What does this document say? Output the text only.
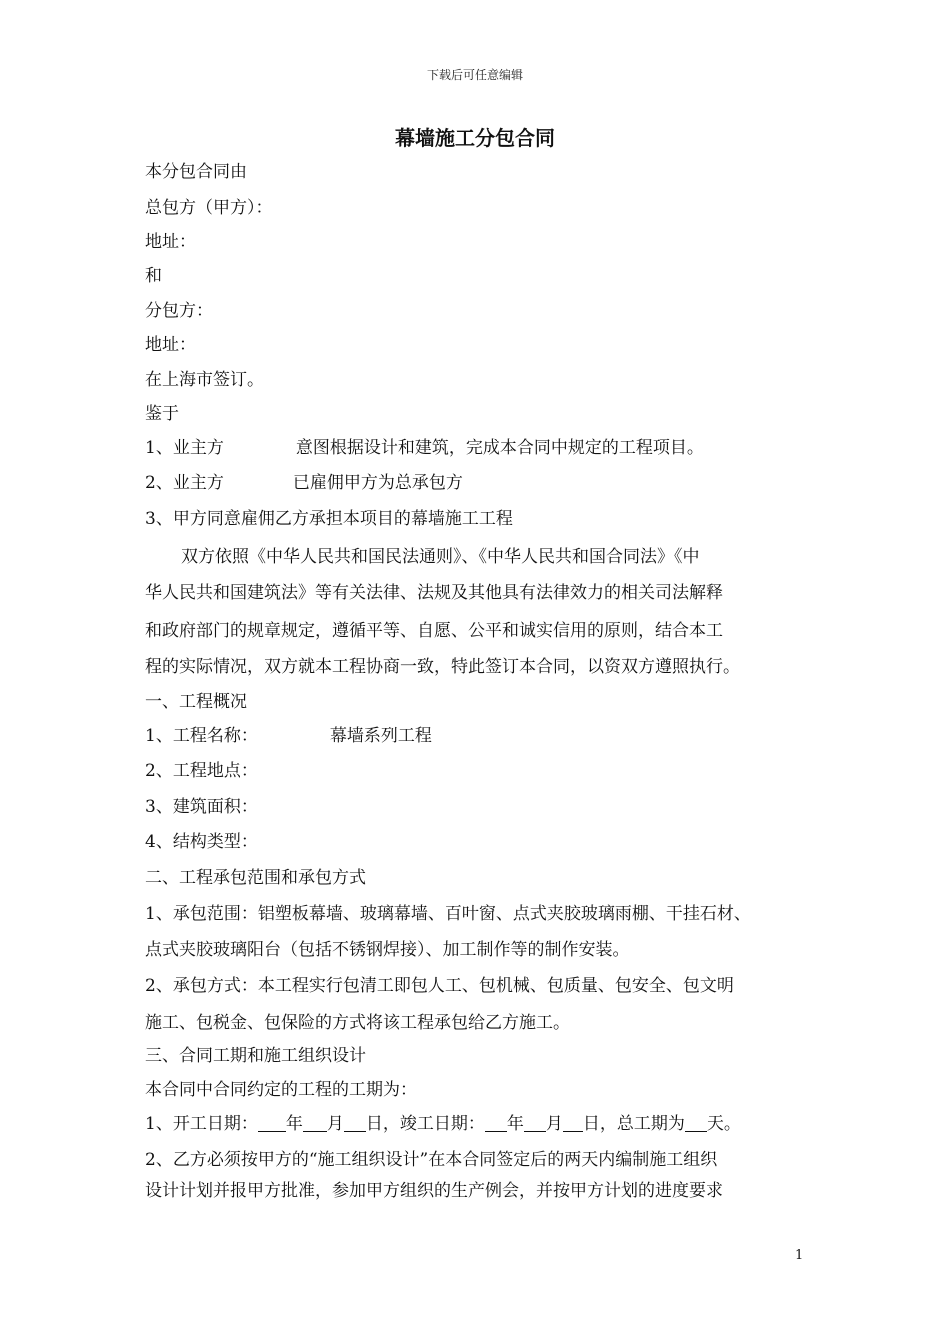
下载后可任意编辑
幕墙施工分包合同
本分包合同由
总包方（甲方）：
地址：
和
分包方：
地址：
在上海市签订。
鉴于
1、业主方	意图根据设计和建筑，完成本合同中规定的工程项目。
2、业主方	已雇佣甲方为总承包方
3、甲方同意雇佣乙方承担本项目的幕墙施工工程
双方依照《中华人民共和国民法通则》、《中华人民共和国合同法》《中
华人民共和国建筑法》等有关法律、法规及其他具有法律效力的相关司法解释
和政府部门的规章规定，遵循平等、自愿、公平和诚实信用的原则，结合本工
程的实际情况，双方就本工程协商一致，特此签订本合同，以资双方遵照执行。
一、工程概况
1、工程名称：	幕墙系列工程
2、工程地点：
3、建筑面积：
4、结构类型：
二、工程承包范围和承包方式
1、承包范围：铝塑板幕墙、玻璃幕墙、百叶窗、点式夹胶玻璃雨棚、干挂石材、
点式夹胶玻璃阳台（包括不锈钢焊接）、加工制作等的制作安装。
2、承包方式：本工程实行包清工即包人工、包机械、包质量、包安全、包文明
施工、包税金、包保险的方式将该工程承包给乙方施工。
三、合同工期和施工组织设计
本合同中合同约定的工程的工期为：
1、开工日期： 年 月 日，竣工日期： 年 月 日，总工期为 天。
2、乙方必须按甲方的“施工组织设计”在本合同签定后的两天内编制施工组织
设计计划并报甲方批准，参加甲方组织的生产例会，并按甲方计划的进度要求
1
